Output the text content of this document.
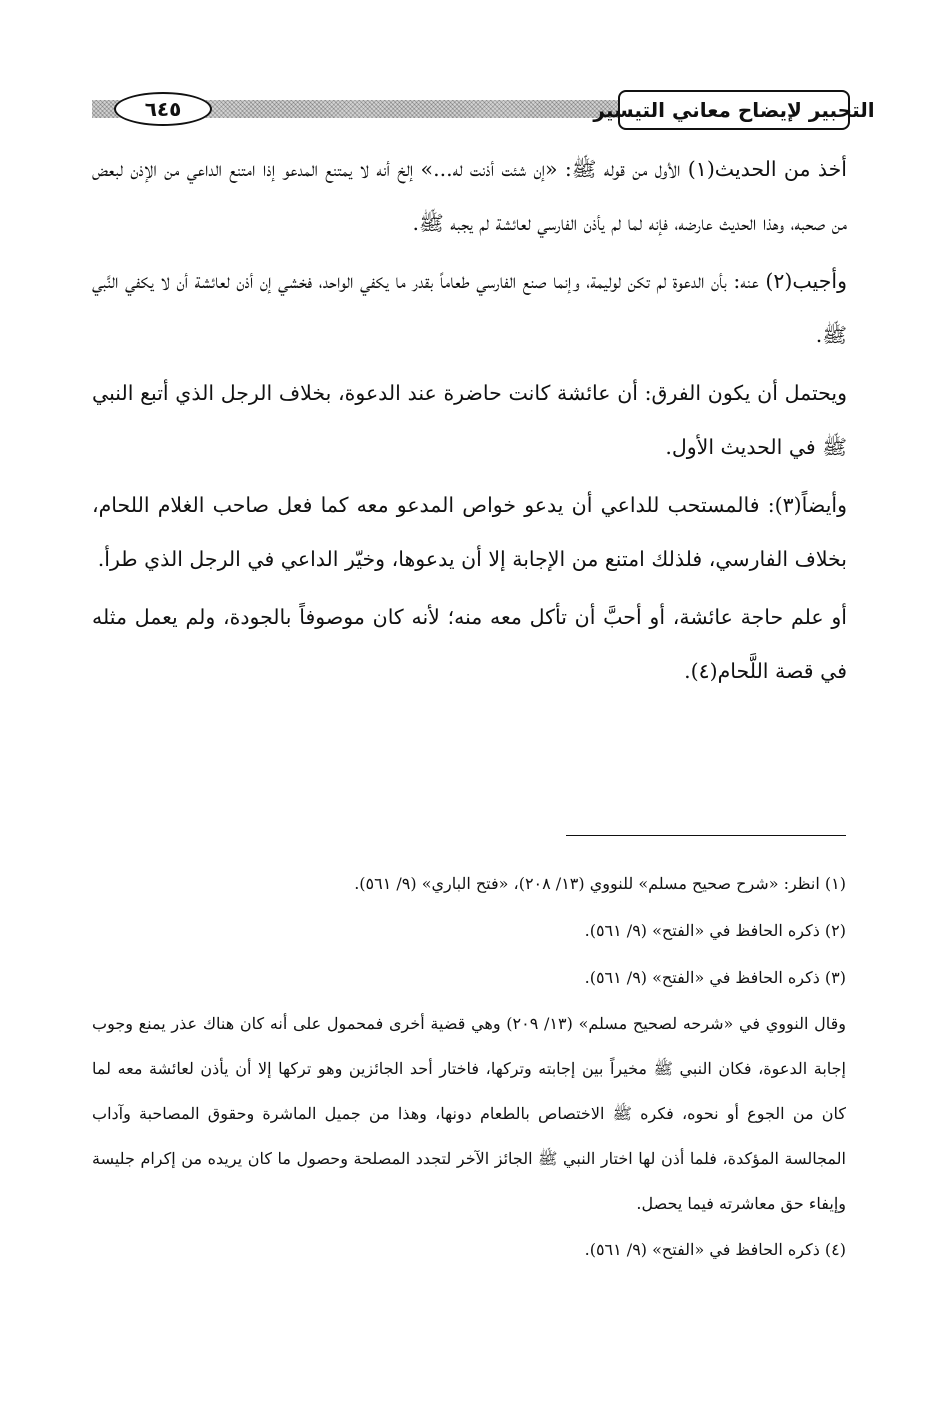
التحبير لإيضاح معاني التيسير
٦٤٥

أخذ من الحديث(١) الأول من قوله ﷺ: «إن شئت أذنت له...» إلخ أنه لا يمتنع المدعو إذا امتنع الداعي من الإذن لبعض من صحبه، وهذا الحديث عارضه، فإنه لما لم يأذن الفارسي لعائشة لم يجبه ﷺ.

وأجيب(٢) عنه: بأن الدعوة لم تكن لوليمة، وإنما صنع الفارسي طعاماً بقدر ما يكفي الواحد، فخشي إن أذن لعائشة أن لا يكفي النَّبي ﷺ.

ويحتمل أن يكون الفرق: أن عائشة كانت حاضرة عند الدعوة، بخلاف الرجل الذي أتبع النبي ﷺ في الحديث الأول.

وأيضاً(٣): فالمستحب للداعي أن يدعو خواص المدعو معه كما فعل صاحب الغلام اللحام، بخلاف الفارسي، فلذلك امتنع من الإجابة إلا أن يدعوها، وخيّر الداعي في الرجل الذي طرأ.

أو علم حاجة عائشة، أو أحبَّ أن تأكل معه منه؛ لأنه كان موصوفاً بالجودة، ولم يعمل مثله في قصة اللَّحام(٤).

(١) انظر: «شرح صحيح مسلم» للنووي (١٣/ ٢٠٨)، «فتح الباري» (٩/ ٥٦١).

(٢) ذكره الحافظ في «الفتح» (٩/ ٥٦١).

(٣) ذكره الحافظ في «الفتح» (٩/ ٥٦١).

وقال النووي في «شرحه لصحيح مسلم» (١٣/ ٢٠٩) وهي قضية أخرى فمحمول على أنه كان هناك عذر يمنع وجوب إجابة الدعوة، فكان النبي ﷺ مخيراً بين إجابته وتركها، فاختار أحد الجائزين وهو تركها إلا أن يأذن لعائشة معه لما كان من الجوع أو نحوه، فكره ﷺ الاختصاص بالطعام دونها، وهذا من جميل الماشرة وحقوق المصاحبة وآداب المجالسة المؤكدة، فلما أذن لها اختار النبي ﷺ الجائز الآخر لتجدد المصلحة وحصول ما كان يريده من إكرام جليسة وإيفاء حق معاشرته فيما يحصل.

(٤) ذكره الحافظ في «الفتح» (٩/ ٥٦١).
